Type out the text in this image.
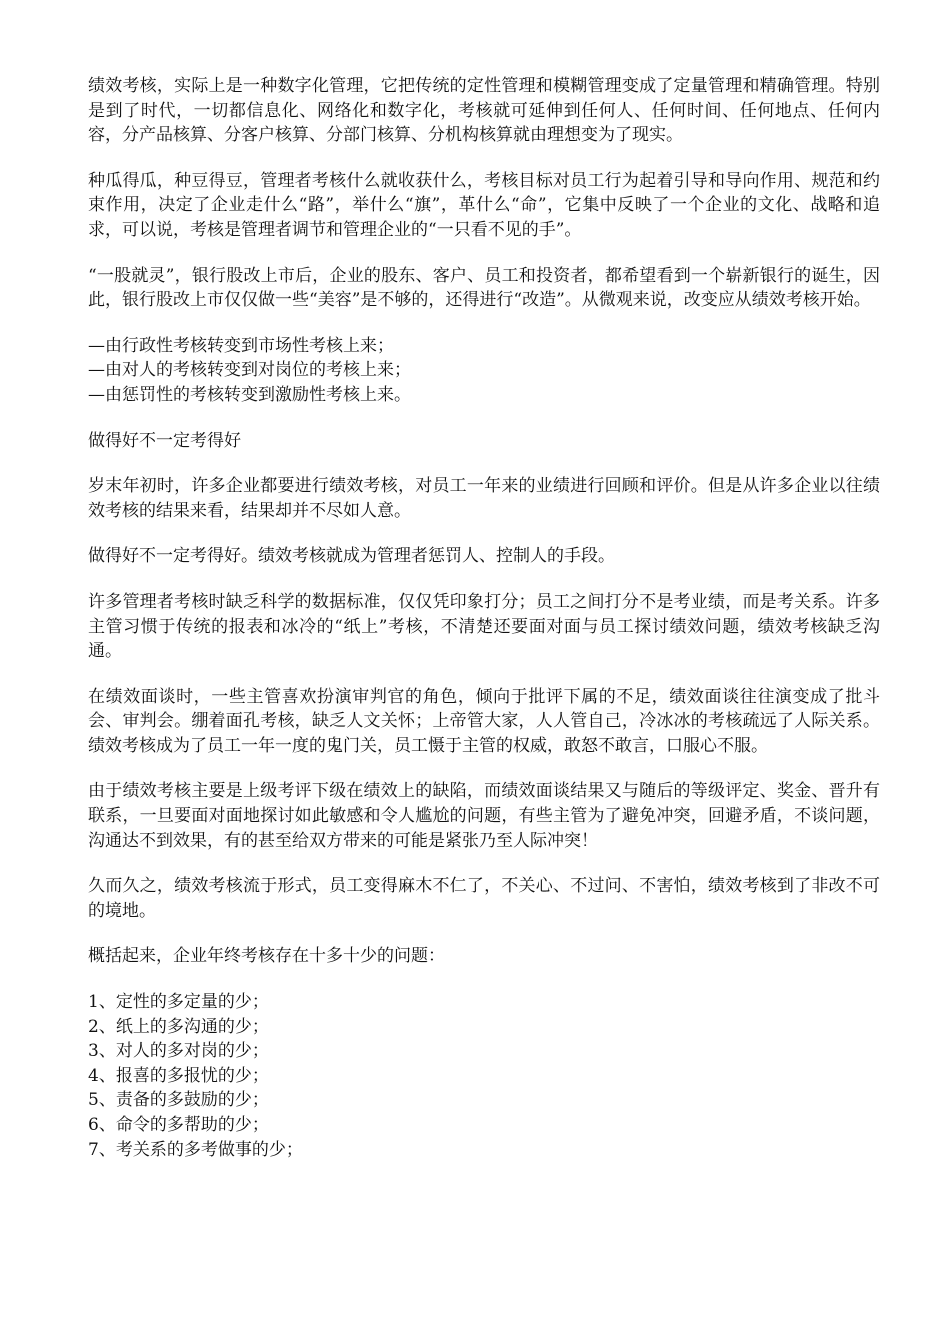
绩效考核，实际上是一种数字化管理，它把传统的定性管理和模糊管理变成了定量管理和精确管理。特别是到了时代，一切都信息化、网络化和数字化，考核就可延伸到任何人、任何时间、任何地点、任何内容，分产品核算、分客户核算、分部门核算、分机构核算就由理想变为了现实。

种瓜得瓜，种豆得豆，管理者考核什么就收获什么，考核目标对员工行为起着引导和导向作用、规范和约束作用，决定了企业走什么“路”，举什么“旗”，革什么“命”，它集中反映了一个企业的文化、战略和追求，可以说，考核是管理者调节和管理企业的“一只看不见的手”。

“一股就灵”，银行股改上市后，企业的股东、客户、员工和投资者，都希望看到一个崭新银行的诞生，因此，银行股改上市仅仅做一些“美容”是不够的，还得进行“改造”。从微观来说，改变应从绩效考核开始。

—由行政性考核转变到市场性考核上来；
—由对人的考核转变到对岗位的考核上来；
—由惩罚性的考核转变到激励性考核上来。

做得好不一定考得好

岁末年初时，许多企业都要进行绩效考核，对员工一年来的业绩进行回顾和评价。但是从许多企业以往绩效考核的结果来看，结果却并不尽如人意。

做得好不一定考得好。绩效考核就成为管理者惩罚人、控制人的手段。

许多管理者考核时缺乏科学的数据标准，仅仅凭印象打分；员工之间打分不是考业绩，而是考关系。许多主管习惯于传统的报表和冰冷的“纸上”考核，不清楚还要面对面与员工探讨绩效问题，绩效考核缺乏沟通。

在绩效面谈时，一些主管喜欢扮演审判官的角色，倾向于批评下属的不足，绩效面谈往往演变成了批斗会、审判会。绷着面孔考核，缺乏人文关怀；上帝管大家，人人管自己，冷冰冰的考核疏远了人际关系。绩效考核成为了员工一年一度的鬼门关，员工慑于主管的权威，敢怒不敢言，口服心不服。

由于绩效考核主要是上级考评下级在绩效上的缺陷，而绩效面谈结果又与随后的等级评定、奖金、晋升有联系，一旦要面对面地探讨如此敏感和令人尴尬的问题，有些主管为了避免冲突，回避矛盾，不谈问题，沟通达不到效果，有的甚至给双方带来的可能是紧张乃至人际冲突！

久而久之，绩效考核流于形式，员工变得麻木不仁了，不关心、不过问、不害怕，绩效考核到了非改不可的境地。

概括起来，企业年终考核存在十多十少的问题：

1、定性的多定量的少；
2、纸上的多沟通的少；
3、对人的多对岗的少；
4、报喜的多报忧的少；
5、责备的多鼓励的少；
6、命令的多帮助的少；
7、考关系的多考做事的少；
